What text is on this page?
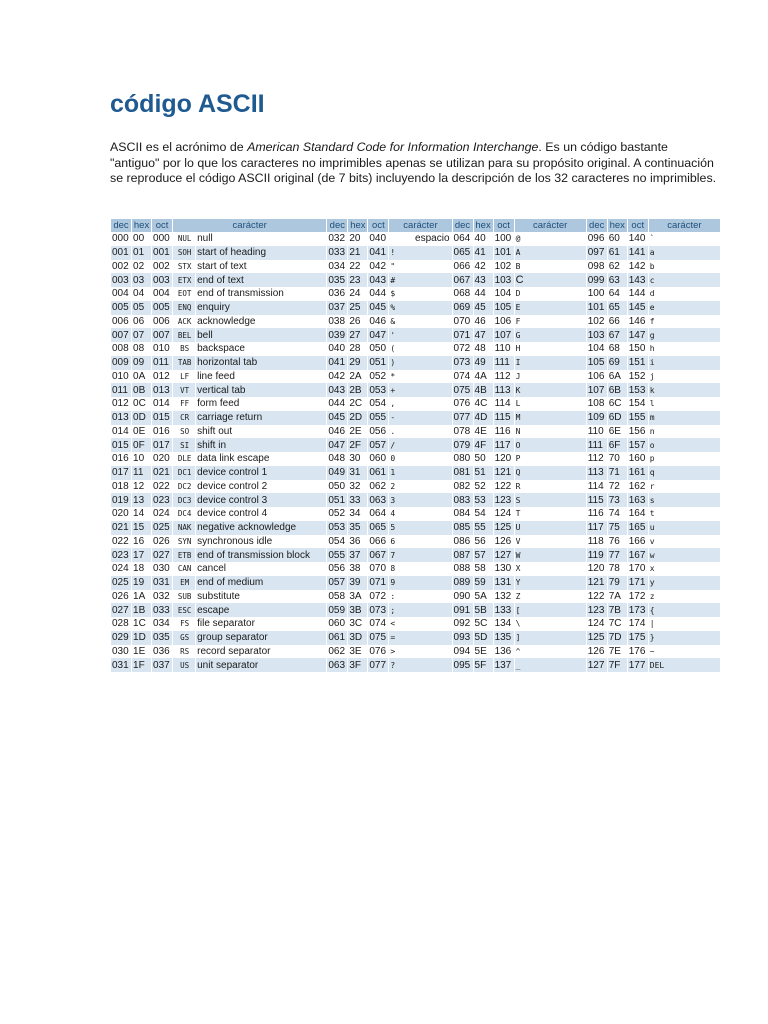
código ASCII

ASCII es el acrónimo de American Standard Code for Information Interchange. Es un código bastante "antiguo" por lo que los caracteres no imprimibles apenas se utilizan para su propósito original. A continuación se reproduce el código ASCII original (de 7 bits) incluyendo la descripción de los 32 caracteres no imprimibles.

dec	hex	oct	carácter		dec	hex	oct	carácter	dec	hex	oct	carácter	dec	hex	oct	carácter
000	00	000	NUL	null	032	20	040	espacio	064	40	100	@	096	60	140	`
001	01	001	SOH	start of heading	033	21	041	!	065	41	101	A	097	61	141	a
002	02	002	STX	start of text	034	22	042	"	066	42	102	B	098	62	142	b
003	03	003	ETX	end of text	035	23	043	#	067	43	103	C	099	63	143	c
004	04	004	EOT	end of transmission	036	24	044	$	068	44	104	D	100	64	144	d
005	05	005	ENQ	enquiry	037	25	045	%	069	45	105	E	101	65	145	e
006	06	006	ACK	acknowledge	038	26	046	&	070	46	106	F	102	66	146	f
007	07	007	BEL	bell	039	27	047	'	071	47	107	G	103	67	147	g
008	08	010	BS	backspace	040	28	050	(	072	48	110	H	104	68	150	h
009	09	011	TAB	horizontal tab	041	29	051	)	073	49	111	I	105	69	151	i
010	0A	012	LF	line feed	042	2A	052	*	074	4A	112	J	106	6A	152	j
011	0B	013	VT	vertical tab	043	2B	053	+	075	4B	113	K	107	6B	153	k
012	0C	014	FF	form feed	044	2C	054	,	076	4C	114	L	108	6C	154	l
013	0D	015	CR	carriage return	045	2D	055	-	077	4D	115	M	109	6D	155	m
014	0E	016	SO	shift out	046	2E	056	.	078	4E	116	N	110	6E	156	n
015	0F	017	SI	shift in	047	2F	057	/	079	4F	117	O	111	6F	157	o
016	10	020	DLE	data link escape	048	30	060	0	080	50	120	P	112	70	160	p
017	11	021	DC1	device control 1	049	31	061	1	081	51	121	Q	113	71	161	q
018	12	022	DC2	device control 2	050	32	062	2	082	52	122	R	114	72	162	r
019	13	023	DC3	device control 3	051	33	063	3	083	53	123	S	115	73	163	s
020	14	024	DC4	device control 4	052	34	064	4	084	54	124	T	116	74	164	t
021	15	025	NAK	negative acknowledge	053	35	065	5	085	55	125	U	117	75	165	u
022	16	026	SYN	synchronous idle	054	36	066	6	086	56	126	V	118	76	166	v
023	17	027	ETB	end of transmission block	055	37	067	7	087	57	127	W	119	77	167	w
024	18	030	CAN	cancel	056	38	070	8	088	58	130	X	120	78	170	x
025	19	031	EM	end of medium	057	39	071	9	089	59	131	Y	121	79	171	y
026	1A	032	SUB	substitute	058	3A	072	:	090	5A	132	Z	122	7A	172	z
027	1B	033	ESC	escape	059	3B	073	;	091	5B	133	[	123	7B	173	{
028	1C	034	FS	file separator	060	3C	074	<	092	5C	134	\	124	7C	174	|
029	1D	035	GS	group separator	061	3D	075	=	093	5D	135	]	125	7D	175	}
030	1E	036	RS	record separator	062	3E	076	>	094	5E	136	^	126	7E	176	~
031	1F	037	US	unit separator	063	3F	077	?	095	5F	137	_	127	7F	177	DEL
